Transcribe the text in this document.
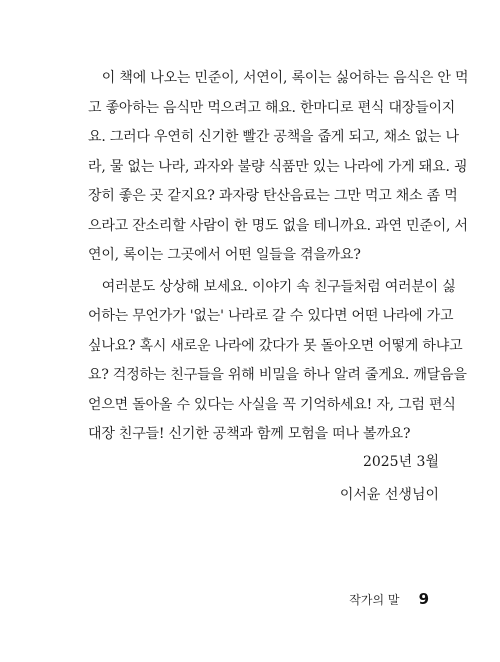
　이 책에 나오는 민준이, 서연이, 록이는 싫어하는 음식은 안 먹
고 좋아하는 음식만 먹으려고 해요. 한마디로 편식 대장들이지
요. 그러다 우연히 신기한 빨간 공책을 줍게 되고, 채소 없는 나
라, 물 없는 나라, 과자와 불량 식품만 있는 나라에 가게 돼요. 굉
장히 좋은 곳 같지요? 과자랑 탄산음료는 그만 먹고 채소 좀 먹
으라고 잔소리할 사람이 한 명도 없을 테니까요. 과연 민준이, 서
연이, 록이는 그곳에서 어떤 일들을 겪을까요?

　여러분도 상상해 보세요. 이야기 속 친구들처럼 여러분이 싫
어하는 무언가가 '없는' 나라로 갈 수 있다면 어떤 나라에 가고
싶나요? 혹시 새로운 나라에 갔다가 못 돌아오면 어떻게 하냐고
요? 걱정하는 친구들을 위해 비밀을 하나 알려 줄게요. 깨달음을
얻으면 돌아올 수 있다는 사실을 꼭 기억하세요! 자, 그럼 편식
대장 친구들! 신기한 공책과 함께 모험을 떠나 볼까요?

2025년 3월
이서윤 선생님이
작가의 말 9
